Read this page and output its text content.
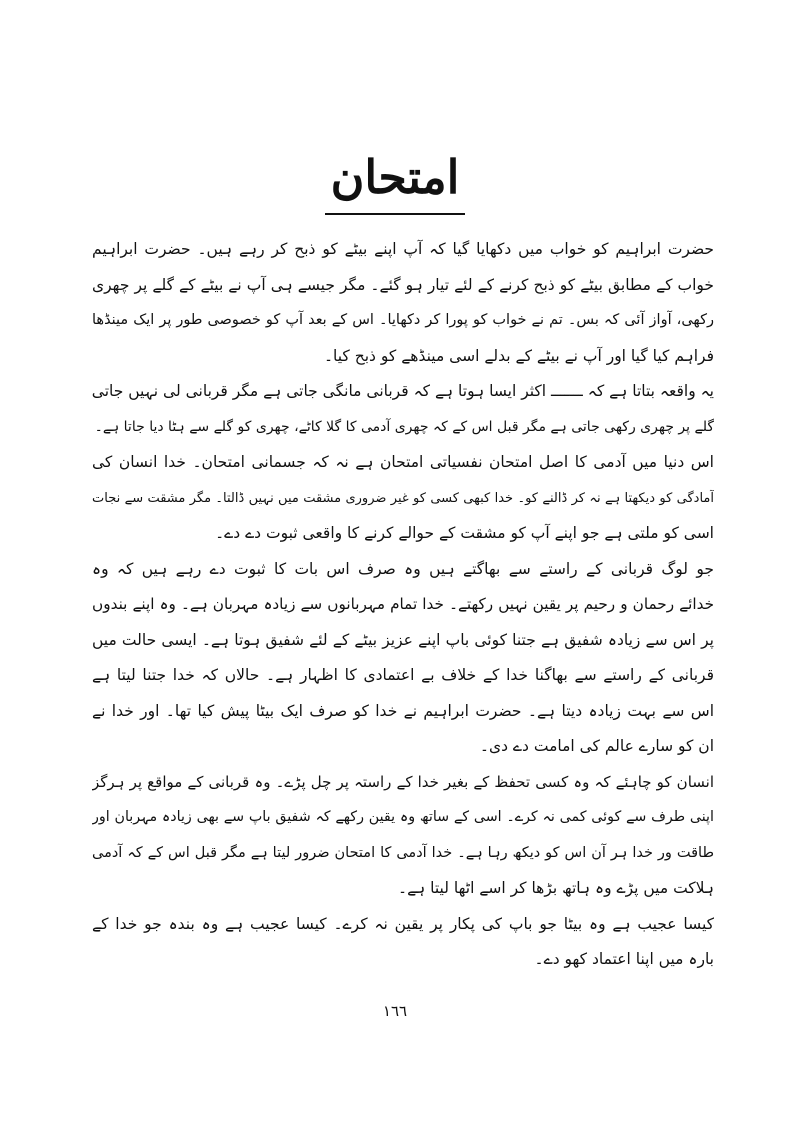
امتحان
حضرت ابراہیم کو خواب میں دکھایا گیا کہ آپ اپنے بیٹے کو ذبح کر رہے ہیں۔ حضرت ابراہیم
خواب کے مطابق بیٹے کو ذبح کرنے کے لئے تیار ہو گئے۔ مگر جیسے ہی آپ نے بیٹے کے گلے پر چھری
رکھی، آواز آئی کہ بس۔ تم نے خواب کو پورا کر دکھایا۔ اس کے بعد آپ کو خصوصی طور پر ایک مینڈھا
فراہم کیا گیا اور آپ نے بیٹے کے بدلے اسی مینڈھے کو ذبح کیا۔
یہ واقعہ بتاتا ہے کہ ـــــــ اکثر ایسا ہوتا ہے کہ قربانی مانگی جاتی ہے مگر قربانی لی نہیں جاتی
گلے پر چھری رکھی جاتی ہے مگر قبل اس کے کہ چھری آدمی کا گلا کاٹے، چھری کو گلے سے ہٹا دیا جاتا ہے۔
اس دنیا میں آدمی کا اصل امتحان نفسیاتی امتحان ہے نہ کہ جسمانی امتحان۔ خدا انسان کی
آمادگی کو دیکھتا ہے نہ کر ڈالنے کو۔ خدا کبھی کسی کو غیر ضروری مشقت میں نہیں ڈالتا۔ مگر مشقت سے نجات
اسی کو ملتی ہے جو اپنے آپ کو مشقت کے حوالے کرنے کا واقعی ثبوت دے دے۔
جو لوگ قربانی کے راستے سے بھاگتے ہیں وہ صرف اس بات کا ثبوت دے رہے ہیں کہ وہ
خدائے رحمان و رحیم پر یقین نہیں رکھتے۔ خدا تمام مہربانوں سے زیادہ مہربان ہے۔ وہ اپنے بندوں
پر اس سے زیادہ شفیق ہے جتنا کوئی باپ اپنے عزیز بیٹے کے لئے شفیق ہوتا ہے۔ ایسی حالت میں
قربانی کے راستے سے بھاگنا خدا کے خلاف بے اعتمادی کا اظہار ہے۔ حالاں کہ خدا جتنا لیتا ہے
اس سے بہت زیادہ دیتا ہے۔ حضرت ابراہیم نے خدا کو صرف ایک بیٹا پیش کیا تھا۔ اور خدا نے
ان کو سارے عالم کی امامت دے دی۔
انسان کو چاہئے کہ وہ کسی تحفظ کے بغیر خدا کے راستہ پر چل پڑے۔ وہ قربانی کے مواقع پر ہرگز
اپنی طرف سے کوئی کمی نہ کرے۔ اسی کے ساتھ وہ یقین رکھے کہ شفیق باپ سے بھی زیادہ مہربان اور
طاقت ور خدا ہر آن اس کو دیکھ رہا ہے۔ خدا آدمی کا امتحان ضرور لیتا ہے مگر قبل اس کے کہ آدمی
ہلاکت میں پڑے وہ ہاتھ بڑھا کر اسے اٹھا لیتا ہے۔
کیسا عجیب ہے وہ بیٹا جو باپ کی پکار پر یقین نہ کرے۔ کیسا عجیب ہے وہ بندہ جو خدا کے
بارہ میں اپنا اعتماد کھو دے۔
١٦٦
